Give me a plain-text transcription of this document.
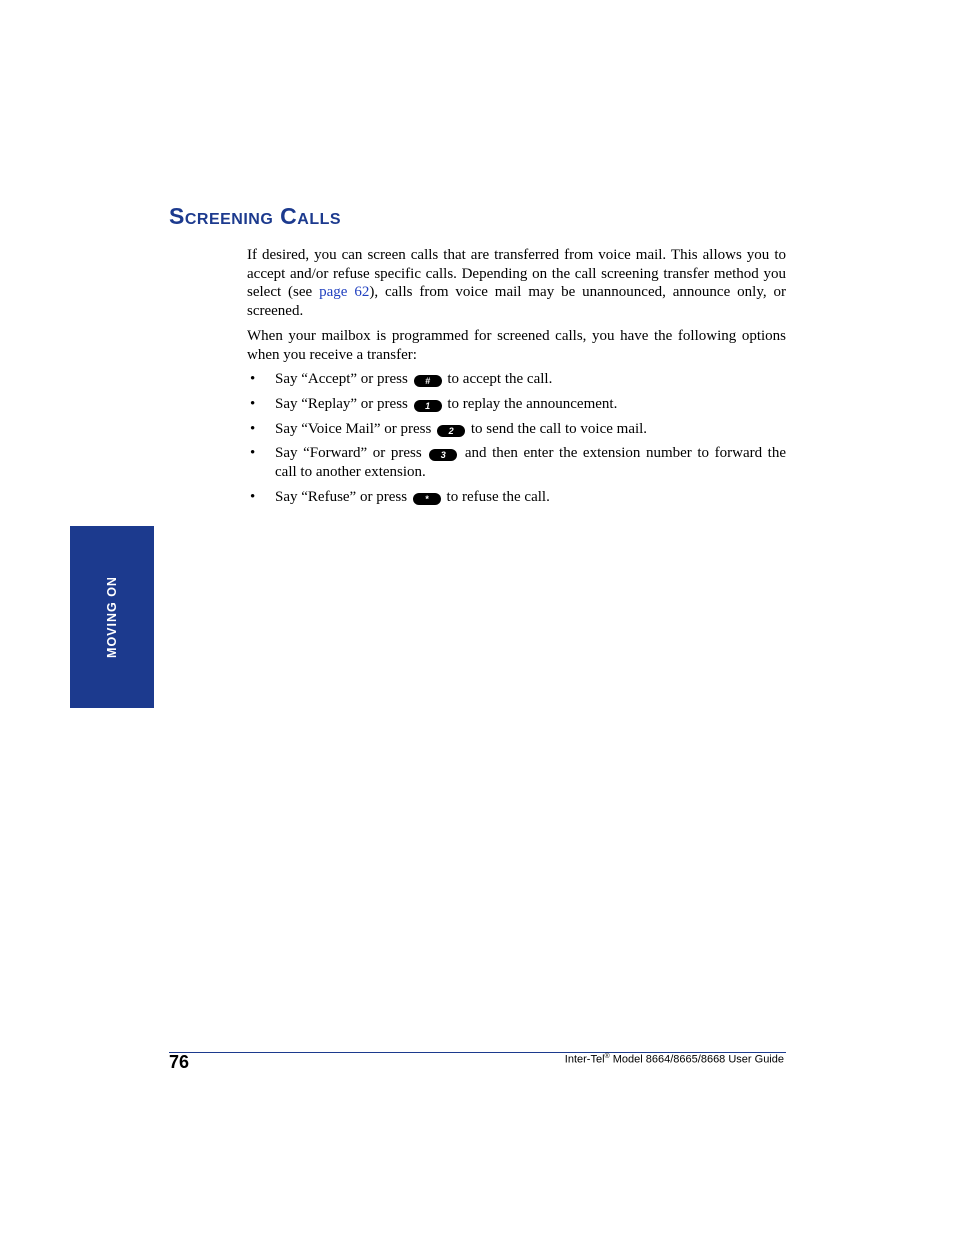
Screening Calls

If desired, you can screen calls that are transferred from voice mail. This allows you to accept and/or refuse specific calls. Depending on the call screening transfer method you select (see page 62), calls from voice mail may be unannounced, announce only, or screened.

When your mailbox is programmed for screened calls, you have the following options when you receive a transfer:

• Say “Accept” or press # to accept the call.
• Say “Replay” or press 1 to replay the announcement.
• Say “Voice Mail” or press 2 to send the call to voice mail.
• Say “Forward” or press 3 and then enter the extension number to forward the call to another extension.
• Say “Refuse” or press * to refuse the call.
MOVING ON
76	Inter-Tel® Model 8664/8665/8668 User Guide
